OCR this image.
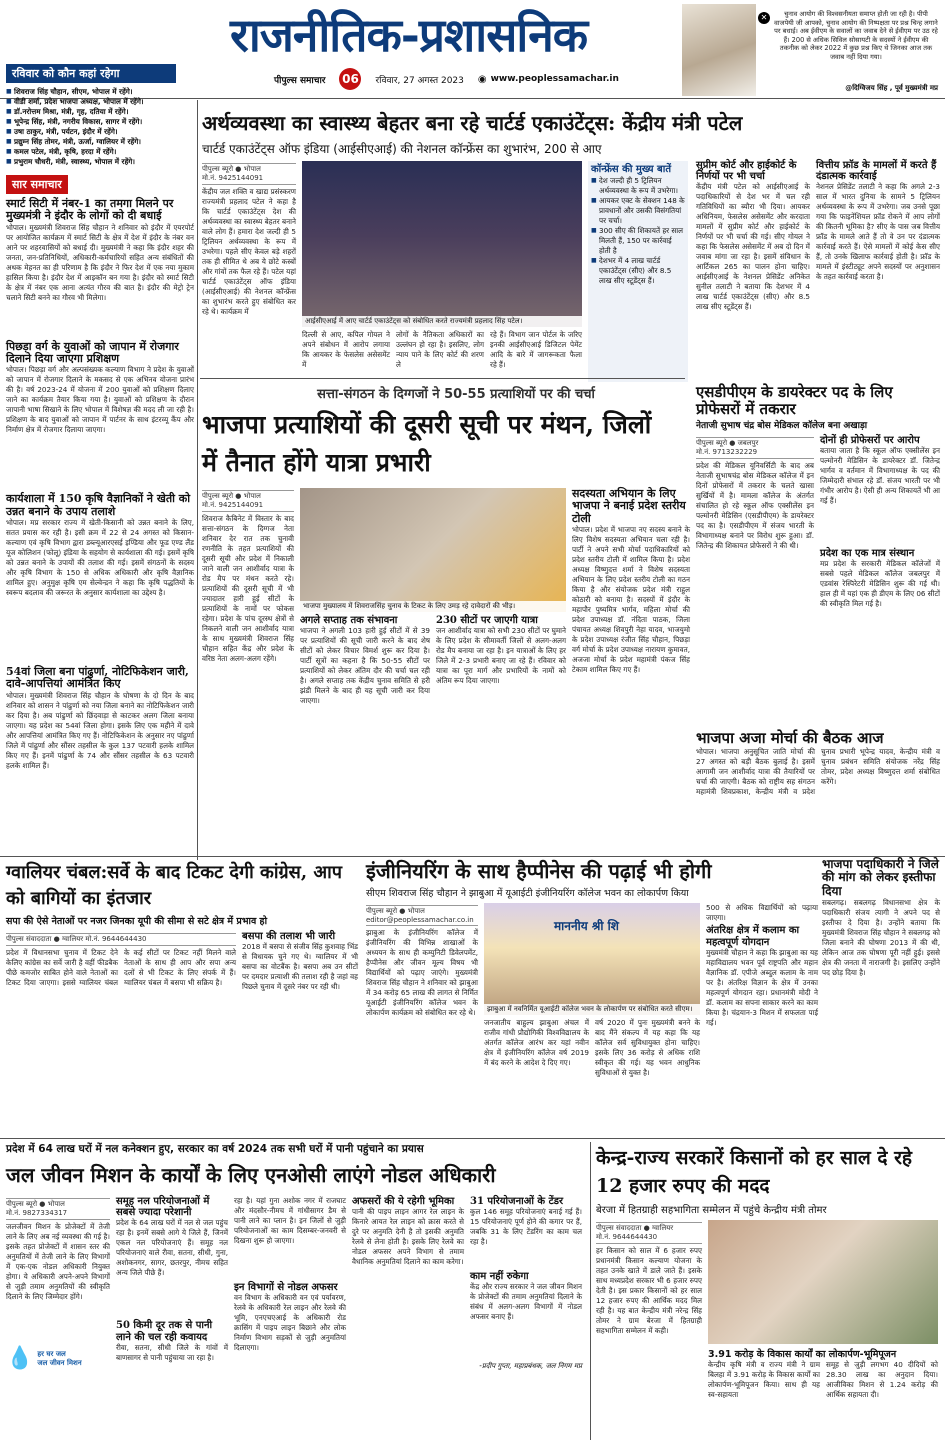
राजनीतिक-प्रशासनिक
पीपुल्स समाचार 06 रविवार, 27 अगस्त 2023 ◉ www.peoplessamachar.in
✕	चुनाव आयोग की विश्वसनीयता समाप्त होती जा रही है। पीपी वाजपेयी जी आपको, चुनाव आयोग की निष्पक्षता पर प्रश्न चिन्ह लगाने पर बधाई। अब ईवीएम के सवालों का जवाब देने से ईवीएम पर उठ रहे हैं। 200 से अधिक सिविल सोसायटी के सदस्यों ने ईवीएम की तकनीक को लेकर 2022 में कुछ प्रश्न किए थे जिनका आज तक जवाब नहीं दिया गया।
@दिग्विजय सिंह , पूर्व मुख्यमंत्री मप्र
रविवार को कौन कहां रहेगा
■ शिवराज सिंह चौहान, सीएम, भोपाल में रहेंगे।
■ वीडी शर्मा, प्रदेश भाजपा अध्यक्ष, भोपाल में रहेंगे।
■ डॉ.नरोत्तम मिश्रा, मंत्री, गृह, दतिया में रहेंगे।
■ भूपेन्द्र सिंह, मंत्री, नगरीय विकास, सागर में रहेंगे।
■ उषा ठाकुर, मंत्री, पर्यटन, इंदौर में रहेंगे।
■ प्रद्युम्न सिंह तोमर, मंत्री, ऊर्जा, ग्वालियर में रहेंगे।
■ कमल पटेल, मंत्री, कृषि, हरदा में रहेंगे।
■ प्रभुराम चौधरी, मंत्री, स्वास्थ्य, भोपाल में रहेंगे।
सार समाचार
स्मार्ट सिटी में नंबर-1 का तमगा मिलने पर मुख्यमंत्री ने इंदौर के लोगों को दी बधाई
भोपाल। मुख्यमंत्री शिवराज सिंह चौहान ने शनिवार को इंदौर में एयरपोर्ट पर आयोजित कार्यक्रम में स्मार्ट सिटी के क्षेत्र में देश में इंदौर के नंबर वन आने पर शहरवासियों को बधाई दी। मुख्यमंत्री ने कहा कि इंदौर शहर की जनता, जन-प्रतिनिधियों, अधिकारी-कर्मचारियों सहित अन्य संबंधितों की अथक मेहनत का ही परिणाम है कि इंदौर ने फिर देश में एक नया मुकाम हासिल किया है। इंदौर देश में आइकॉन बन गया है। इंदौर को स्मार्ट सिटी के क्षेत्र में नंबर एक आना अत्यंत गौरव की बात है। इंदौर की मेट्रो ट्रेन चलाने सिटी बनने का गौरव भी मिलेगा।
पिछड़ा वर्ग के युवाओं को जापान में रोजगार दिलाने दिया जाएगा प्रशिक्षण
भोपाल। पिछड़ा वर्ग और अल्पसंख्यक कल्याण विभाग ने प्रदेश के युवाओं को जापान में रोजगार दिलाने के मकसद से एक अभिनव योजना प्रारंभ की है। वर्ष 2023-24 में योजना में 200 युवाओं को प्रशिक्षण दिलाए जाने का कार्यक्रम तैयार किया गया है। युवाओं को प्रशिक्षण के दौरान जापानी भाषा सिखाने के लिए भोपाल में विशेषज्ञ की मदद ली जा रही है। प्रशिक्षण के बाद युवाओं को जापान में पार्टनर के साथ इंटरव्यू कैंप और निर्माण क्षेत्र में रोजगार दिलाया जाएगा।
कार्यशाला में 150 कृषि वैज्ञानिकों ने खेती को उन्नत बनाने के उपाय तलाशे
भोपाल। मप्र सरकार राज्य में खेती-किसानी को उन्नत बनाने के लिए, सतत प्रयास कर रही है। इसी क्रम में 22 से 24 अगस्त को किसान-कल्याण एवं कृषि विभाग द्वारा डब्ल्यूआरएसई इण्डिया और फूड एण्ड लैंड यूज कोलिशन (फोलू) इंडिया के सहयोग से कार्यशाला की गई। इसमें कृषि को उन्नत बनाने के उपायों की तलाश की गई। इसमें संगठनों के सदस्य और कृषि विभाग के 150 से अधिक अधिकारी और कृषि वैज्ञानिक शामिल हुए। अनुमुक्ष कृषि एम सेल्वेन्द्रन ने कहा कि कृषि पद्धतियों के स्वरूप बदलाव की जरूरत के अनुसार कार्यशाला का उद्देश्य है।
54वां जिला बना पांढुर्णा, नोटिफिकेशन जारी, दावे-आपत्तियां आमंत्रित किए
भोपाल। मुख्यमंत्री शिवराज सिंह चौहान के घोषणा के दो दिन के बाद शनिवार को शासन ने पांढुर्णा को नया जिला बनाने का नोटिफिकेशन जारी कर दिया है। अब पांढुर्णा को छिंदवाड़ा से काटकर अलग जिला बनाया जाएगा। यह प्रदेश का 54वां जिला होगा। इसके लिए एक महीने में दावे और आपत्तियां आमंत्रित किए गए हैं। नोटिफिकेशन के अनुसार नए पांढुर्णा जिले में पांढुर्णा और सौंसर तहसील के कुल 137 पटवारी हलके शामिल किए गए हैं। इनमें पांढुर्णा के 74 और सौंसर तहसील के 63 पटवारी हलके शामिल हैं।
अर्थव्यवस्था का स्वास्थ्य बेहतर बना रहे चार्टर्ड एकाउंटेंट्स: केंद्रीय मंत्री पटेल
चार्टर्ड एकाउंटेंट्स ऑफ इंडिया (आईसीएआई) की नेशनल कॉन्फ्रेंस का शुभारंभ, 200 से आए
पीपुल्स ब्यूरो ● भोपाल
मो.नं. 9425144091
केंद्रीय जल शक्ति व खाद्य प्रसंस्करण राज्यमंत्री प्रहलाद पटेल ने कहा है कि चार्टर्ड एकाउंटेंट्स देश की अर्थव्यवस्था का स्वास्थ्य बेहतर बनाने वाले लोग हैं। हमारा देश जल्दी ही 5 ट्रिलियन अर्थव्यवस्था के रूप में उभरेगा। पहले सीए केवल बड़े शहरों तक ही सीमित थे अब ये छोटे कस्बों और गांवों तक फैल रहे हैं। पटेल यहां चार्टर्ड एकाउंटेंट्स ऑफ इंडिया (आईसीएआई) की नेशनल कॉन्फ्रेंस का शुभारंभ करते हुए संबोधित कर रहे थे। कार्यक्रम में
आईसीएआई में आए चार्टर्ड एकाउंटेंट्स को संबोधित करते राज्यमंत्री प्रहलाद सिंह पटेल।
दिल्ली से आए, कपिल गोयल ने अपने संबोधन में आरोप लगाया कि आयकर के फेसलेस असेसमेंट में
लोगों के नैतिकता अधिकारों का उल्लंघन हो रहा है। इसलिए, लोग न्याय पाने के लिए कोर्ट की शरण ले
रहे हैं। विभाग जान पोर्टल के जरिए इनकी आईसीएआई डिजिटल पेमेंट आदि के बारे में जागरूकता फैला रहे हैं।
कॉन्फ्रेंस की मुख्य बातें
■ देश जल्दी ही 5 ट्रिलियन अर्थव्यवस्था के रूप में उभरेगा।
■ आयकर एक्ट के सेक्शन 148 के प्रावधानों और उसकी विसंगतियां पर चर्चा।
■ 300 सीए की शिकायतें हर साल मिलती हैं, 150 पर कार्रवाई होती है
■ देशभर में 4 लाख चार्टर्ड एकाउंटेंट्स (सीए) और 8.5 लाख सीए स्टूडेंट्स हैं।
सुप्रीम कोर्ट और हाईकोर्ट के निर्णयों पर भी चर्चा
केंद्रीय मंत्री पटेल को आईसीएआई के पदाधिकारियों से देश भर में चल रही गतिविधियों का ब्यौरा भी दिया। आयकर अधिनियम, फेसलेस असेसमेंट और करदाता मामलों में सुप्रीम कोर्ट और हाईकोर्ट के निर्णयों पर भी चर्चा की गई। सीए गोयल ने कहा कि फेसलेस असेसमेंट में अब दो दिन में जवाब मांगा जा रहा है। इसमें संविधान के आर्टिकल 265 का पालन होना चाहिए। आईसीएआई के नेशनल प्रेसिडेंट अनिकेत सुनील तलाटी ने बताया कि देशभर में 4 लाख चार्टर्ड एकाउंटेंट्स (सीए) और 8.5 लाख सीए स्टूडेंट्स हैं।
वित्तीय फ्रॉड के मामलों में करते हैं दंडात्मक कार्रवाई
नेशनल प्रेसिडेंट तलाटी ने कहा कि अगले 2-3 साल में भारत दुनिया के सामने 5 ट्रिलियन अर्थव्यवस्था के रूप में उभरेगा। जब उनसे पूछा गया कि फाइनेंशियल फ्रॉड रोकने में आप लोगों की कितनी भूमिका है? सीए के पास जब वित्तीय फ्रॉड के मामले आते हैं तो वे उन पर दंडात्मक कार्रवाई करते हैं। ऐसे मामलों में कोई केस सीए हैं, तो उनके खिलाफ कार्रवाई होती है। फ्रॉड के मामले में इंस्टीट्यूट अपने सदस्यों पर अनुशासन के तहत कार्रवाई करता है।
सत्ता-संगठन के दिग्गजों ने 50-55 प्रत्याशियों पर की चर्चा
भाजपा प्रत्याशियों की दूसरी सूची पर मंथन, जिलों में तैनात होंगे यात्रा प्रभारी
पीपुल्स ब्यूरो ● भोपाल
मो.नं. 9425144091
शिवराज कैबिनेट में विस्तार के बाद सत्ता-संगठन के दिग्गज नेता शनिवार देर रात तक चुनावी रणनीति के तहत प्रत्याशियों की दूसरी सूची और प्रदेश में निकाली जाने वाली जन आशीर्वाद यात्रा के रोड मैप पर मंथन करते रहे। प्रत्याशियों की दूसरी सूची में भी ज्यादातर हारी हुई सीटों के प्रत्याशियों के नामों पर फोकस रहेगा। प्रदेश के पांच दूरस्थ क्षेत्रों से निकलने वाली जन आशीर्वाद यात्रा के साथ मुख्यमंत्री शिवराज सिंह चौहान सहित केंद्र और प्रदेश के वरिष्ठ नेता अलग-अलग रहेंगे।
भाजपा मुख्यालय में शिवराजसिंह चुनाव के टिकट के लिए उमड़ रहे दावेदारों की भीड़।
अगले सप्ताह तक संभावना
भाजपा ने अगली 103 हारी हुई सीटों में से 39 पर प्रत्याशियों की सूची जारी करने के बाद शेष सीटों को लेकर विचार विमर्श शुरू कर दिया है। पार्टी सूत्रों का कहना है कि 50-55 सीटों पर प्रत्याशियों को लेकर अंतिम दौर की चर्चा चल रही है। अगले सप्ताह तक केंद्रीय चुनाव समिति से हरी झंडी मिलने के बाद ही यह सूची जारी कर दिया जाएगा।
230 सीटों पर जाएगी यात्रा
जन आशीर्वाद यात्रा को सभी 230 सीटों पर घुमाने के लिए प्रदेश के सीमावर्ती जिलों से अलग-अलग रोड मैप बनाया जा रहा है। इन यात्राओं के लिए हर जिले में 2-3 प्रभारी बनाए जा रहे हैं। रविवार को यात्रा का पूरा मार्ग और प्रभारियों के नामों को अंतिम रूप दिया जाएगा।
सदस्यता अभियान के लिए भाजपा ने बनाई प्रदेश स्तरीय टोली
भोपाल। प्रदेश में भाजपा नए सदस्य बनाने के लिए विशेष सदस्यता अभियान चला रही है। पार्टी ने अपने सभी मोर्चा पदाधिकारियों को प्रदेश स्तरीय टोली में शामिल किया है। प्रदेश अध्यक्ष विष्णुदत्त शर्मा ने विशेष सदस्यता अभियान के लिए प्रदेश स्तरीय टोली का गठन किया है और संयोजक प्रदेश मंत्री राहुल कोठारी को बनाया है। सदस्यों में इंदौर के महापौर पुष्यमित्र भार्गव, महिला मोर्चा की प्रदेश उपाध्यक्ष डॉ. नंदिता पाठक, जिला पंचायत अध्यक्ष शिवपुरी नेहा यादव, भाजयुमो के प्रदेश उपाध्यक्ष रंजीत सिंह चौहान, पिछड़ा वर्ग मोर्चा के प्रदेश उपाध्यक्ष नारायण कुमावत, अजजा मोर्चा के प्रदेश महामंत्री पंकज सिंह टेकाम शामिल किए गए हैं।
एसडीपीएम के डायरेक्टर पद के लिए प्रोफेसरों में तकरार
नेताजी सुभाष चंद्र बोस मेडिकल कॉलेज बना अखाड़ा
पीपुल्स ब्यूरो ● जबलपुर
मो.नं. 9713232229
प्रदेश की मेडिकल यूनिवर्सिटी के बाद अब नेताजी सुभाषचंद्र बोस मेडिकल कॉलेज में इन दिनों प्रोफेसरों में तकरार के चलते खासा सुर्खियों में है। मामला कॉलेज के अंतर्गत संचालित हो रहे स्कूल ऑफ एक्सीलेंस इन पल्मोनरी मेडिसिन (एसडीपीएम) के डायरेक्टर पद का है। एसडीपीएम में संजय भारती के विभागाध्यक्ष बनाने पर विरोध शुरू हुआ। डॉ. जितेन्द्र की शिकायत प्रोफेसरों ने की थी।
दोनों ही प्रोफेसरों पर आरोप
बताया जाता है कि स्कूल ऑफ एक्सीलेंस इन पल्मोनरी मेडिसिन के डायरेक्टर डॉ. जितेन्द्र भार्गव व वर्तमान में विभागाध्यक्ष के पद की जिम्मेदारी संभाल रहे डॉ. संजय भारती पर भी गंभीर आरोप है। ऐसी ही अन्य शिकायतें भी आ गई हैं।
प्रदेश का एक मात्र संस्थान
मप्र प्रदेश के सरकारी मेडिकल कॉलेजों में सबसे पहले मेडिकल कॉलेज जबलपुर में एडवांस रेस्पिरेटरी मेडिसिन शुरू की गई थी। हाल ही में यहां एक ही डीएम के लिए 06 सीटों की स्वीकृति मिल गई है।
भाजपा अजा मोर्चा की बैठक आज
भोपाल। भाजपा अनुसूचित जाति मोर्चा की 27 अगस्त को बड़ी बैठक बुलाई है। इसमें आगामी जन आशीर्वाद यात्रा की तैयारियों पर चर्चा की जाएगी। बैठक को राष्ट्रीय सह संगठन महामंत्री शिवप्रकाश, केन्द्रीय मंत्री व प्रदेश चुनाव प्रभारी भूपेन्द्र यादव, केन्द्रीय मंत्री व चुनाव प्रबंधन समिति संयोजक नरेंद्र सिंह तोमर, प्रदेश अध्यक्ष विष्णुदत्त शर्मा संबोधित करेंगे।
ग्वालियर चंबल:सर्वे के बाद टिकट देगी कांग्रेस, आप को बागियों का इंतजार
सपा की ऐसे नेताओं पर नजर जिनका यूपी की सीमा से सटे क्षेत्र में प्रभाव हो
पीपुल्स संवाददाता ● ग्वालियर मो.नं. 9644644430
प्रदेश में विधानसभा चुनाव में टिकट देने केलिए कांग्रेस का सर्वे जारी है वहीं फीडबैक पीछे कमजोर साबित होने वाले नेताओं का टिकट दिया जाएगा। इससे ग्वालियर चंबल के कई सीटों पर टिकट नहीं मिलने वाले नेताओं के साथ ही आप और सपा अन्य दलों से भी टिकट के लिए संपर्क में हैं। ग्वालियर चंबल में बसपा भी सक्रिय है।
बसपा की तलाश भी जारी
2018 में बसपा से संजीव सिंह कुशवाह भिंड से विधायक चुने गए थे। ग्वालियर में भी बसपा का वोटबैंक है। बसपा अब उन सीटों पर दमदार प्रत्याशी की तलाश रही है जहां वह पिछले चुनाव में दूसरे नंबर पर रही थी।
इंजीनियरिंग के साथ हैप्पीनेस की पढ़ाई भी होगी
सीएम शिवराज सिंह चौहान ने झाबुआ में यूआईटी इंजीनियरिंग कॉलेज भवन का लोकार्पण किया
पीपुल्स ब्यूरो ● भोपाल
editor@peoplessamachar.co.in
झाबुआ के इंजीनियरिंग कॉलेज में इंजीनियरिंग की विभिन्न शाखाओं के अध्ययन के साथ ही कम्युनिटी डिवेलपमेंट, हैप्पीनेस और जीवन मूल्य विषय भी विद्यार्थियों को पढ़ाए जाएंगे। मुख्यमंत्री शिवराज सिंह चौहान ने शनिवार को झाबुआ में 34 करोड़ 65 लाख की लागत से निर्मित यूआईटी इंजीनियरिंग कॉलेज भवन के लोकार्पण कार्यक्रम को संबोधित कर रहे थे।
माननीय श्री शि
झाबुआ में नवनिर्मित यूआईटी कॉलेज भवन के लोकार्पण पर संबोधित करते सीएम।
जनजातीय बाहुल्य झाबुआ अंचल में राजीव गांधी प्रौद्योगिकी विश्वविद्यालय के अंतर्गत कॉलेज आरंभ कर यहां नवीन क्षेत्र में इंजीनियरिंग कॉलेज वर्ष 2019 में बंद करने के आदेश दे दिए गए।
वर्ष 2020 में पुनः मुख्यमंत्री बनने के बाद मैंने संकल्प में यह कहा कि यह कॉलेज सर्व सुविधायुक्त होना चाहिए। इसके लिए 36 करोड़ से अधिक राशि स्वीकृत की गई। यह भवन आधुनिक सुविधाओं से युक्त है।
500 से अधिक विद्यार्थियों को पढ़ाया जाएगा।
अंतरिक्ष क्षेत्र में कलाम का महत्वपूर्ण योगदान
मुख्यमंत्री चौहान ने कहा कि झाबुआ का यह महाविद्यालय भवन पूर्व राष्ट्रपति और महान वैज्ञानिक डॉ. एपीजे अब्दुल कलाम के नाम पर है। अंतरिक्ष विज्ञान के क्षेत्र में उनका महत्वपूर्ण योगदान रहा। प्रधानमंत्री मोदी ने डॉ. कलाम का सपना साकार करने का काम किया है। चंद्रयान-3 मिशन में सफलता पाई गई।
भाजपा पदाधिकारी ने जिले की मांग को लेकर इस्तीफा दिया
सबलगढ़। सबलगढ़ विधानसभा क्षेत्र के पदाधिकारी संजय त्यागी ने अपने पद से इस्तीफा दे दिया है। उन्होंने बताया कि मुख्यमंत्री शिवराज सिंह चौहान ने सबलगढ़ को जिला बनाने की घोषणा 2013 में की थी, लेकिन आज तक घोषणा पूरी नहीं हुई। इससे क्षेत्र की जनता में नाराजगी है। इसलिए उन्होंने पद छोड़ दिया है।
प्रदेश में 64 लाख घरों में नल कनेक्शन हुए, सरकार का वर्ष 2024 तक सभी घरों में पानी पहुंचाने का प्रयास
जल जीवन मिशन के कार्यों के लिए एनओसी लाएंगे नोडल अधिकारी
पीपुल्स ब्यूरो ● भोपाल
मो.नं. 9827334317
जलजीवन मिशन के प्रोजेक्टों में तेजी लाने के लिए अब नई व्यवस्था की गई है। इसके तहत प्रोजेक्टों में शासन स्तर की अनुमतियों में तेजी लाने के लिए विभागों में एक-एक नोडल अधिकारी नियुक्त होगा। ये अधिकारी अपने-अपने विभागों से जुड़ी तमाम अनुमतियों की स्वीकृति दिलाने के लिए जिम्मेदार होंगे।
💧 हर घर जल
जल जीवन मिशन
समूह नल परियोजनाओं में सबसे ज्यादा परेशानी
प्रदेश के 64 लाख घरों में नल से जल पहुंच रहा है। इनमें सबसे आगे ये जिले हैं, जिनमें एकल नल परियोजनाएं हैं। समूह नल परियोजनाएं वाले रीवा, सतना, सीधी, गुना, अशोकनगर, सागर, छतरपुर, नीमच सहित अन्य जिले पीछे हैं।
50 किमी दूर तक से पानी लाने की चल रही कवायद
रीवा, सतना, सीधी जिले के गांवों में बाणसागर से पानी पहुंचाया जा रहा है।
रहा है। यहां गुना अशोक नगर में राजघाट और मंदसौर-नीमच में गांधीसागर डैम से पानी लाने का प्लान है। इन जिलों से जुड़ी परियोजनाओं का काम दिसम्बर-जनवरी से दिखना शुरू हो जाएगा।
इन विभागों से नोडल अफसर
वन विभाग के अधिकारी वन एवं पर्यावरण, रेलवे के अधिकारी रेल लाइन और रेलवे की भूमि, एनएचएआई के अधिकारी रोड क्रासिंग में पाइप लाइन बिछाने और लोक निर्माण विभाग सड़कों से जुड़ी अनुमतियां दिलाएगा।
अफसरों की ये रहेगी भूमिका
पानी की पाइप लाइन आगर रेल लाइन के किनारे आयत रेल लाइन को क्रास करते से दुरे पर अनुमति देनी है तो इसकी अनुमति रेलवे से लेना होती है। इसके लिए रेलवे का नोडल अफसर अपने विभाग से तमाम वैधानिक अनुमतियां दिलाने का काम करेगा।
31 परियोजनाओं के टेंडर
कुल 146 समूह परियोजनाएं बनाई गई हैं। 15 परियोजनाएं पूर्ण होने की कगार पर हैं, जबकि 31 के लिए टेंडरिंग का काम चल रहा है।
काम नहीं रुकेगा
केंद्र और राज्य सरकार ने जल जीवन मिशन के प्रोजेक्टों की तमाम अनुमतियां दिलाने के संबंध में अलग-अलग विभागों में नोडल अफसर बनाए हैं।
-प्रदीप गुप्ता, महाप्रबंधक, जल निगम मप्र
केन्द्र-राज्य सरकारें किसानों को हर साल दे रहे 12 हजार रुपए की मदद
बेरजा में हितग्राही सहभागिता सम्मेलन में पहुंचे केन्द्रीय मंत्री तोमर
पीपुल्स संवाददाता ● ग्वालियर
मो.नं. 9644644430
हर किसान को साल में 6 हजार रुपए प्रधानमंत्री किसान कल्याण योजना के तहत उनके खाते में डाले जाते हैं। इसके साथ मध्यप्रदेश सरकार भी 6 हजार रुपए देती है। इस प्रकार किसानों को हर साल 12 हजार रुपए की आर्थिक मदद मिल रही है। यह बात केन्द्रीय मंत्री नरेन्द्र सिंह तोमर ने ग्राम बेरजा में हितग्राही सहभागिता सम्मेलन में कही।
3.91 करोड़ के विकास कार्यों का लोकार्पण-भूमिपूजन
केन्द्रीय कृषि मंत्री व राज्य मंत्री ने ग्राम बिलहा में 3.91 करोड़ के विकास कार्यों का लोकार्पण-भूमिपूजन किया। साथ ही यह स्व-सहायता
समूह से जुड़ी लगभग 40 दीदियों को 28.30 लाख का अनुदान दिया। आजीविका मिशन से 1.24 करोड़ की आर्थिक सहायता दी।
